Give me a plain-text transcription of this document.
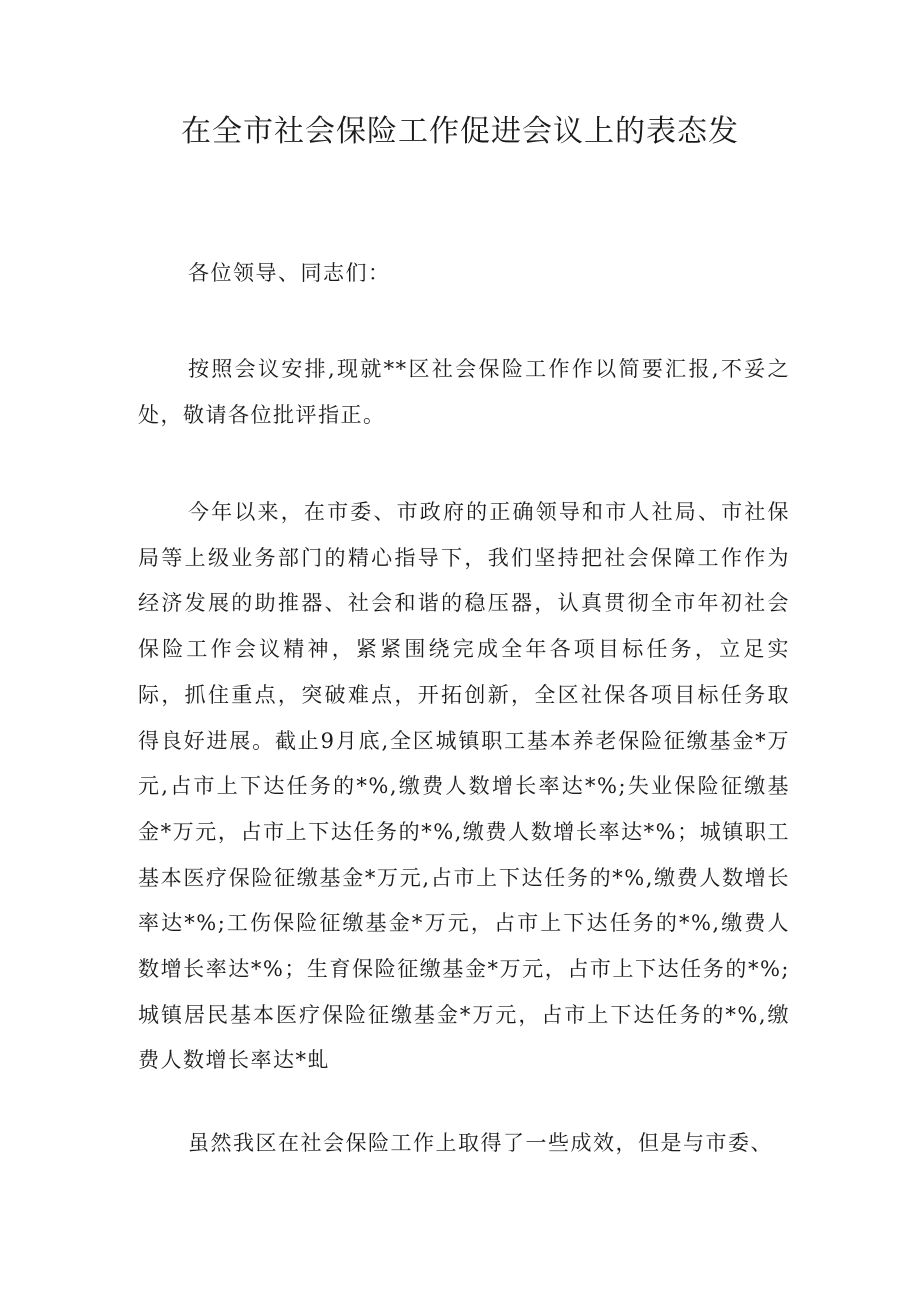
在全市社会保险工作促进会议上的表态发

各位领导、同志们：

按照会议安排,现就**区社会保险工作作以简要汇报,不妥之处，敬请各位批评指正。

今年以来，在市委、市政府的正确领导和市人社局、市社保局等上级业务部门的精心指导下，我们坚持把社会保障工作作为经济发展的助推器、社会和谐的稳压器，认真贯彻全市年初社会保险工作会议精神，紧紧围绕完成全年各项目标任务，立足实际，抓住重点，突破难点，开拓创新，全区社保各项目标任务取得良好进展。截止9月底,全区城镇职工基本养老保险征缴基金*万元,占市上下达任务的*%,缴费人数增长率达*%;失业保险征缴基金*万元，占市上下达任务的*%,缴费人数增长率达*%；城镇职工基本医疗保险征缴基金*万元,占市上下达任务的*%,缴费人数增长率达*%;工伤保险征缴基金*万元，占市上下达任务的*%,缴费人数增长率达*%；生育保险征缴基金*万元，占市上下达任务的*%;城镇居民基本医疗保险征缴基金*万元，占市上下达任务的*%,缴费人数增长率达*虬

虽然我区在社会保险工作上取得了一些成效，但是与市委、
